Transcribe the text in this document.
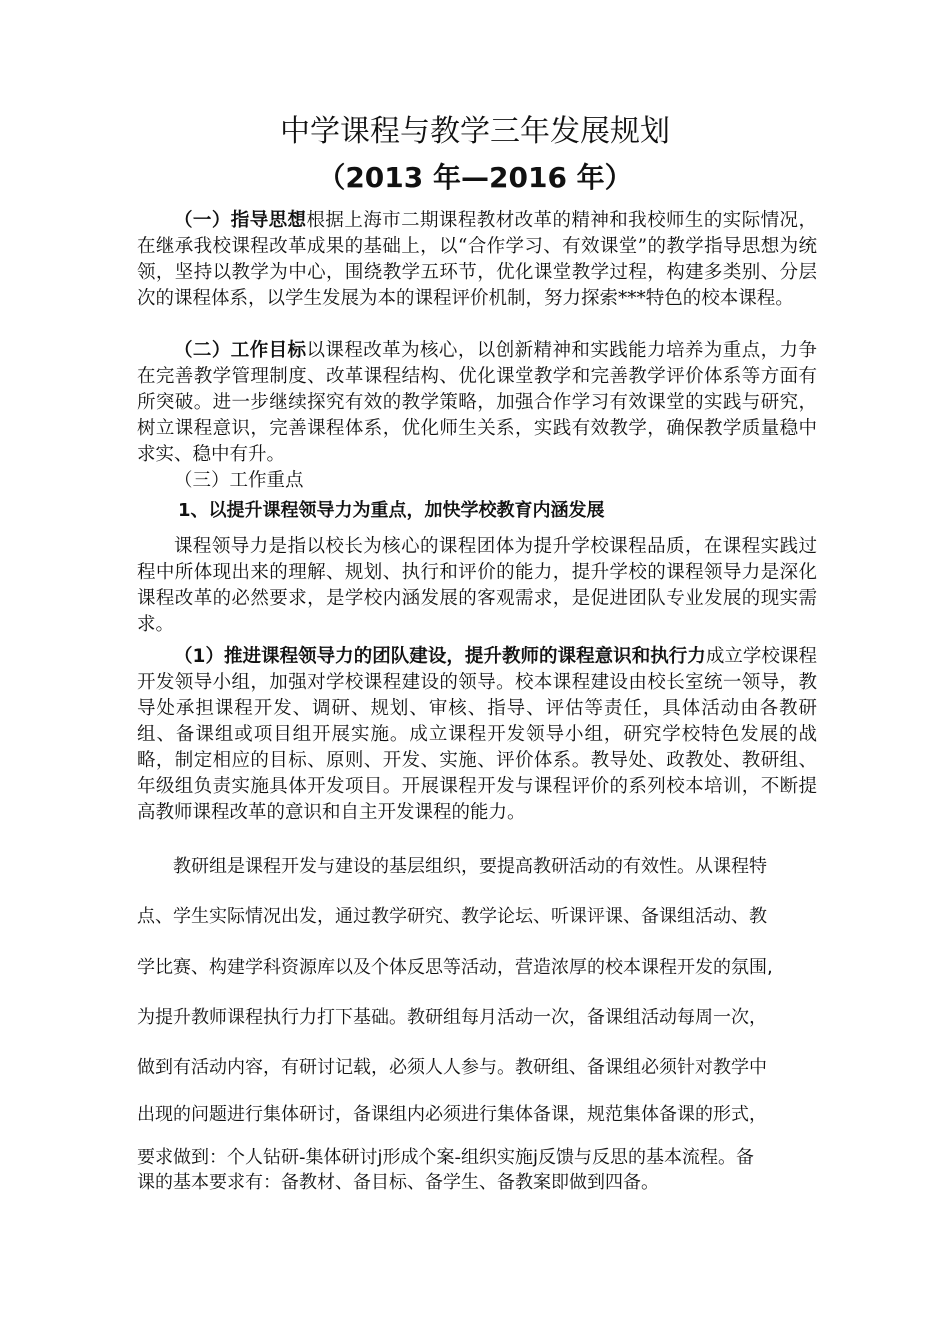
中学课程与教学三年发展规划
（2013 年—2016 年）

（一）指导思想根据上海市二期课程教材改革的精神和我校师生的实际情况，在继承我校课程改革成果的基础上，以“合作学习、有效课堂”的教学指导思想为统领，坚持以教学为中心，围绕教学五环节，优化课堂教学过程，构建多类别、分层次的课程体系，以学生发展为本的课程评价机制，努力探索***特色的校本课程。

（二）工作目标以课程改革为核心，以创新精神和实践能力培养为重点，力争在完善教学管理制度、改革课程结构、优化课堂教学和完善教学评价体系等方面有所突破。进一步继续探究有效的教学策略，加强合作学习有效课堂的实践与研究，树立课程意识，完善课程体系，优化师生关系，实践有效教学，确保教学质量稳中求实、稳中有升。

（三）工作重点

1、以提升课程领导力为重点，加快学校教育内涵发展

课程领导力是指以校长为核心的课程团体为提升学校课程品质，在课程实践过程中所体现出来的理解、规划、执行和评价的能力，提升学校的课程领导力是深化课程改革的必然要求，是学校内涵发展的客观需求，是促进团队专业发展的现实需求。

（1）推进课程领导力的团队建设，提升教师的课程意识和执行力成立学校课程开发领导小组，加强对学校课程建设的领导。校本课程建设由校长室统一领导，教导处承担课程开发、调研、规划、审核、指导、评估等责任，具体活动由各教研组、备课组或项目组开展实施。成立课程开发领导小组，研究学校特色发展的战略，制定相应的目标、原则、开发、实施、评价体系。教导处、政教处、教研组、年级组负责实施具体开发项目。开展课程开发与课程评价的系列校本培训，不断提高教师课程改革的意识和自主开发课程的能力。

教研组是课程开发与建设的基层组织，要提高教研活动的有效性。从课程特

点、学生实际情况出发，通过教学研究、教学论坛、听课评课、备课组活动、教

学比赛、构建学科资源库以及个体反思等活动，营造浓厚的校本课程开发的氛围,

为提升教师课程执行力打下基础。教研组每月活动一次，备课组活动每周一次，

做到有活动内容，有研讨记载，必须人人参与。教研组、备课组必须针对教学中

出现的问题进行集体研讨，备课组内必须进行集体备课，规范集体备课的形式，

要求做到：个人钻研-集体研讨j形成个案-组织实施j反馈与反思的基本流程。备

课的基本要求有：备教材、备目标、备学生、备教案即做到四备。
